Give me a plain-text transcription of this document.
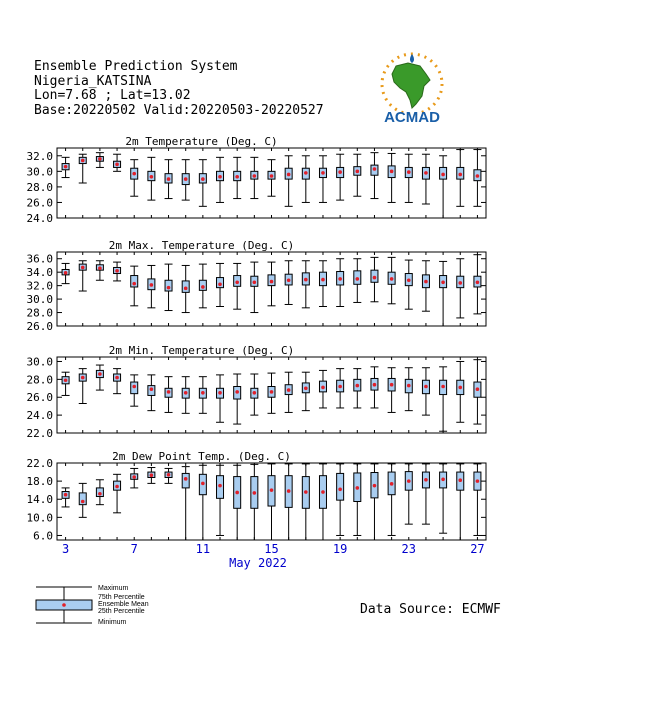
Ensemble Prediction System
Nigeria_KATSINA
Lon=7.68 ; Lat=13.02
Base:20220502 Valid:20220503-20220527	ACMAD
2m Temperature (Deg. C)
24.0
26.0
28.0
30.0
32.0
2m Max. Temperature (Deg. C)
26.0
28.0
30.0
32.0
34.0
36.0
2m Min. Temperature (Deg. C)
22.0
24.0
26.0
28.0
30.0
2m Dew Point Temp. (Deg. C)
6.0
10.0
14.0
18.0
22.0
3	7	11	15	19	23	27
May 2022
Maximum
75th Percentile
Ensemble Mean
25th Percentile
Minimum
Data Source: ECMWF
